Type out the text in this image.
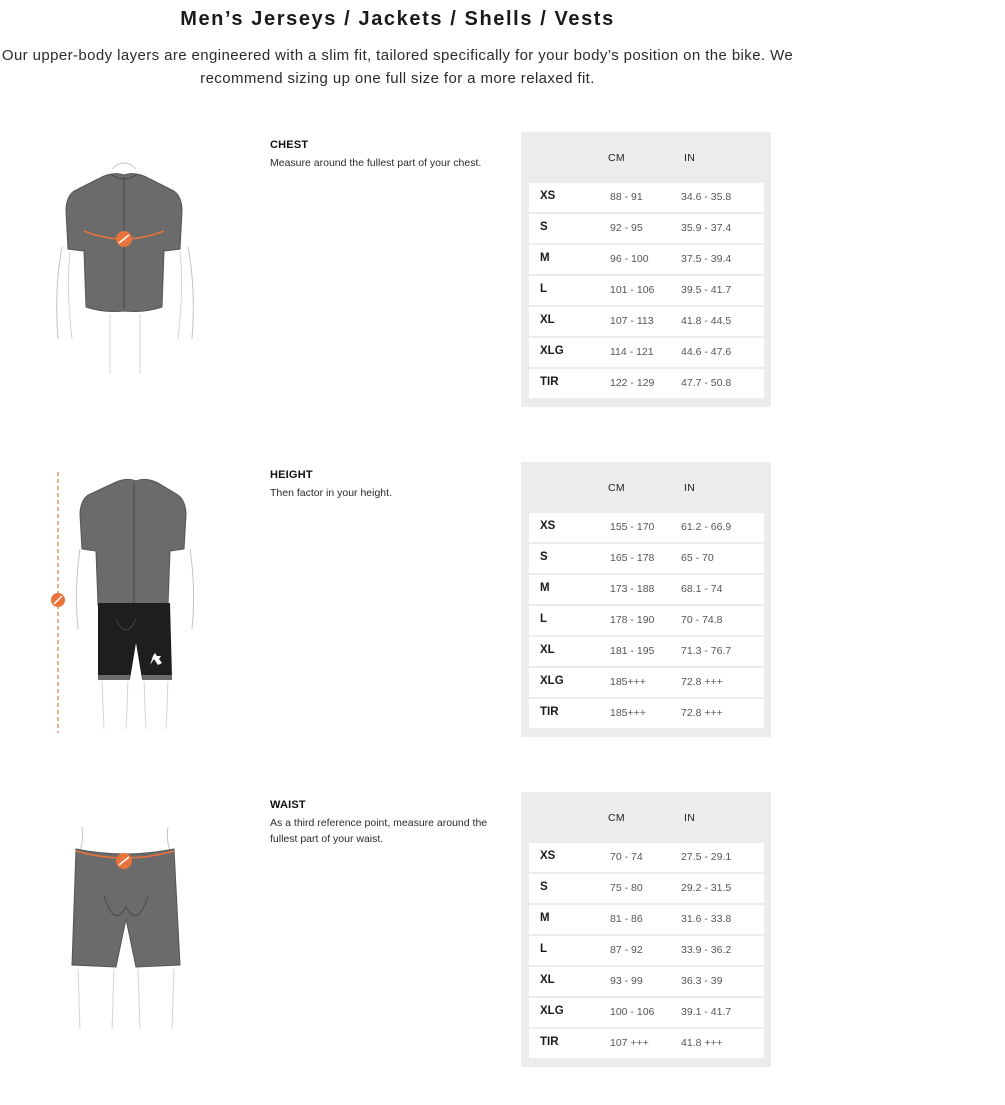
Men’s Jerseys / Jackets / Shells / Vests
Our upper-body layers are engineered with a slim fit, tailored specifically for your body’s position on the bike. We recommend sizing up one full size for a more relaxed fit.
CHEST
Measure around the fullest part of your chest.	CM	IN
XS	88 - 91	34.6 - 35.8
S	92 - 95	35.9 - 37.4
M	96 - 100	37.5 - 39.4
L	101 - 106	39.5 - 41.7
XL	107 - 113	41.8 - 44.5
XLG	114 - 121	44.6 - 47.6
TIR	122 - 129	47.7 - 50.8
HEIGHT
Then factor in your height.	CM	IN
XS	155 - 170	61.2 - 66.9
S	165 - 178	65 - 70
M	173 - 188	68.1 - 74
L	178 - 190	70 - 74.8
XL	181 - 195	71.3 - 76.7
XLG	185+++	72.8 +++
TIR	185+++	72.8 +++
WAIST
As a third reference point, measure around the fullest part of your waist.
CM	IN
XS	70 - 74	27.5 - 29.1
S	75 - 80	29.2 - 31.5
M	81 - 86	31.6 - 33.8
L	87 - 92	33.9 - 36.2
XL	93 - 99	36.3 - 39
XLG	100 - 106	39.1 - 41.7
TIR	107 +++	41.8 +++
